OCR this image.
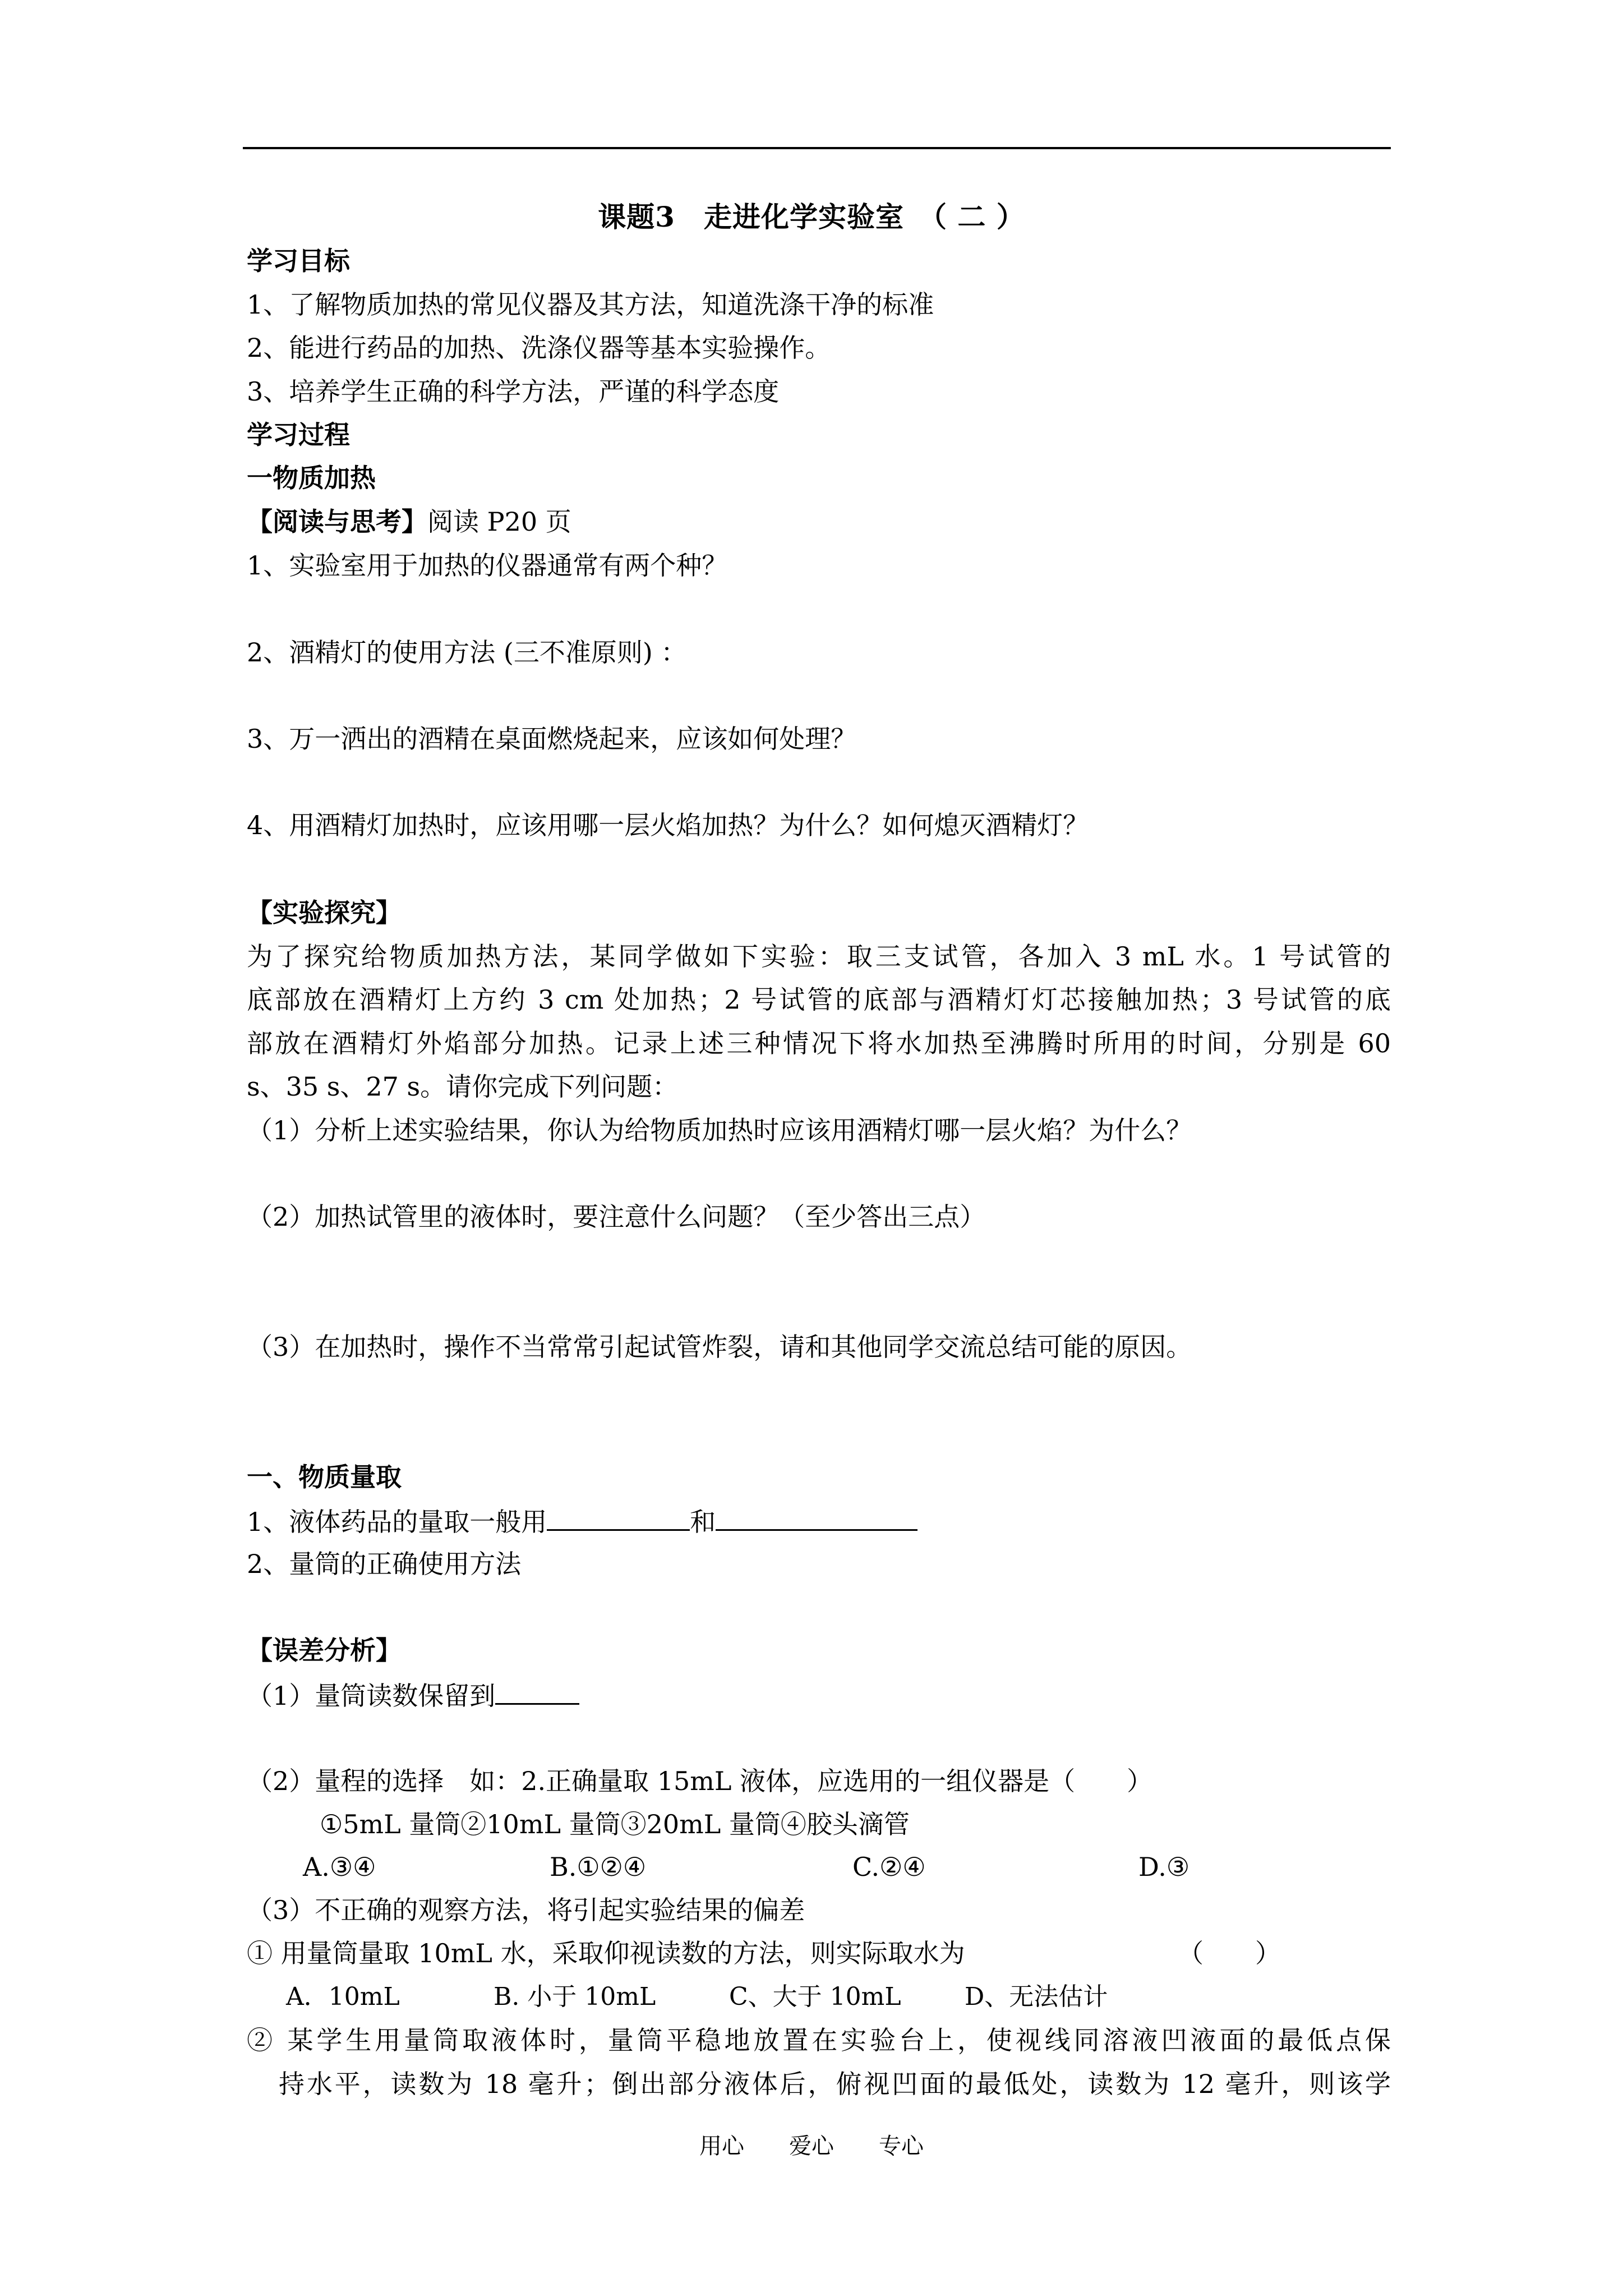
课题3　走进化学实验室　（ 二 ）
学习目标
1、了解物质加热的常见仪器及其方法，知道洗涤干净的标准
2、能进行药品的加热、洗涤仪器等基本实验操作。
3、培养学生正确的科学方法，严谨的科学态度
学习过程
一物质加热
【阅读与思考】阅读 P20 页
1、实验室用于加热的仪器通常有两个种？
2、酒精灯的使用方法 (三不准原则) ：
3、万一洒出的酒精在桌面燃烧起来，应该如何处理？
4、用酒精灯加热时，应该用哪一层火焰加热？为什么？如何熄灭酒精灯？
【实验探究】
为了探究给物质加热方法，某同学做如下实验：取三支试管，各加入 3 mL 水。1 号试管的
底部放在酒精灯上方约 3 cm 处加热；2 号试管的底部与酒精灯灯芯接触加热；3 号试管的底
部放在酒精灯外焰部分加热。记录上述三种情况下将水加热至沸腾时所用的时间，分别是 60
s、35 s、27 s。请你完成下列问题：
（1）分析上述实验结果，你认为给物质加热时应该用酒精灯哪一层火焰？为什么？
（2）加热试管里的液体时，要注意什么问题？（至少答出三点）
（3）在加热时，操作不当常常引起试管炸裂，请和其他同学交流总结可能的原因。
一、物质量取
1、液体药品的量取一般用	和
2、量筒的正确使用方法
【误差分析】
（1）量筒读数保留到
（2）量程的选择　如：2.正确量取 15mL 液体，应选用的一组仪器是（　　）
①5mL 量筒②10mL 量筒③20mL 量筒④胶头滴管
A.③④	B.①②④	C.②④	D.③
（3）不正确的观察方法，将引起实验结果的偏差
① 用量筒量取 10mL 水，采取仰视读数的方法，则实际取水为	（　　）
A．10mL	B. 小于 10mL	C、大于 10mL	D、无法估计
② 某学生用量筒取液体时，量筒平稳地放置在实验台上，使视线同溶液凹液面的最低点保
持水平，读数为 18 毫升；倒出部分液体后，俯视凹面的最低处，读数为 12 毫升，则该学
用心 爱心 专心
